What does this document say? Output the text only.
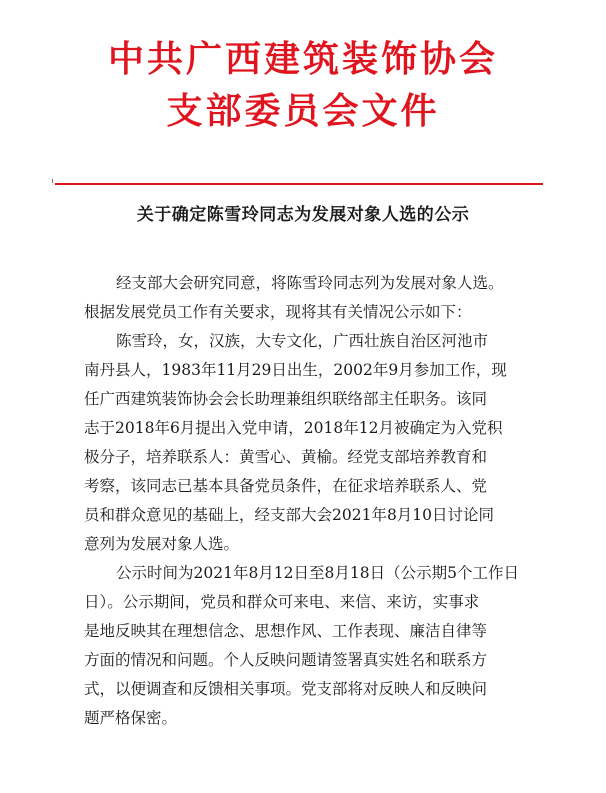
中共广西建筑装饰协会
支部委员会文件
关于确定陈雪玲同志为发展对象人选的公示
经支部大会研究同意，将陈雪玲同志列为发展对象人选。
根据发展党员工作有关要求，现将其有关情况公示如下：
陈雪玲，女，汉族，大专文化，广西壮族自治区河池市
南丹县人，1983年11月29日出生，2002年9月参加工作，现
任广西建筑装饰协会会长助理兼组织联络部主任职务。该同
志于2018年6月提出入党申请，2018年12月被确定为入党积
极分子，培养联系人：黄雪心、黄榆。经党支部培养教育和
考察，该同志已基本具备党员条件，在征求培养联系人、党
员和群众意见的基础上，经支部大会2021年8月10日讨论同
意列为发展对象人选。
公示时间为2021年8月12日至8月18日（公示期5个工作日
日）。公示期间，党员和群众可来电、来信、来访，实事求
是地反映其在理想信念、思想作风、工作表现、廉洁自律等
方面的情况和问题。个人反映问题请签署真实姓名和联系方
式，以便调查和反馈相关事项。党支部将对反映人和反映问
题严格保密。
